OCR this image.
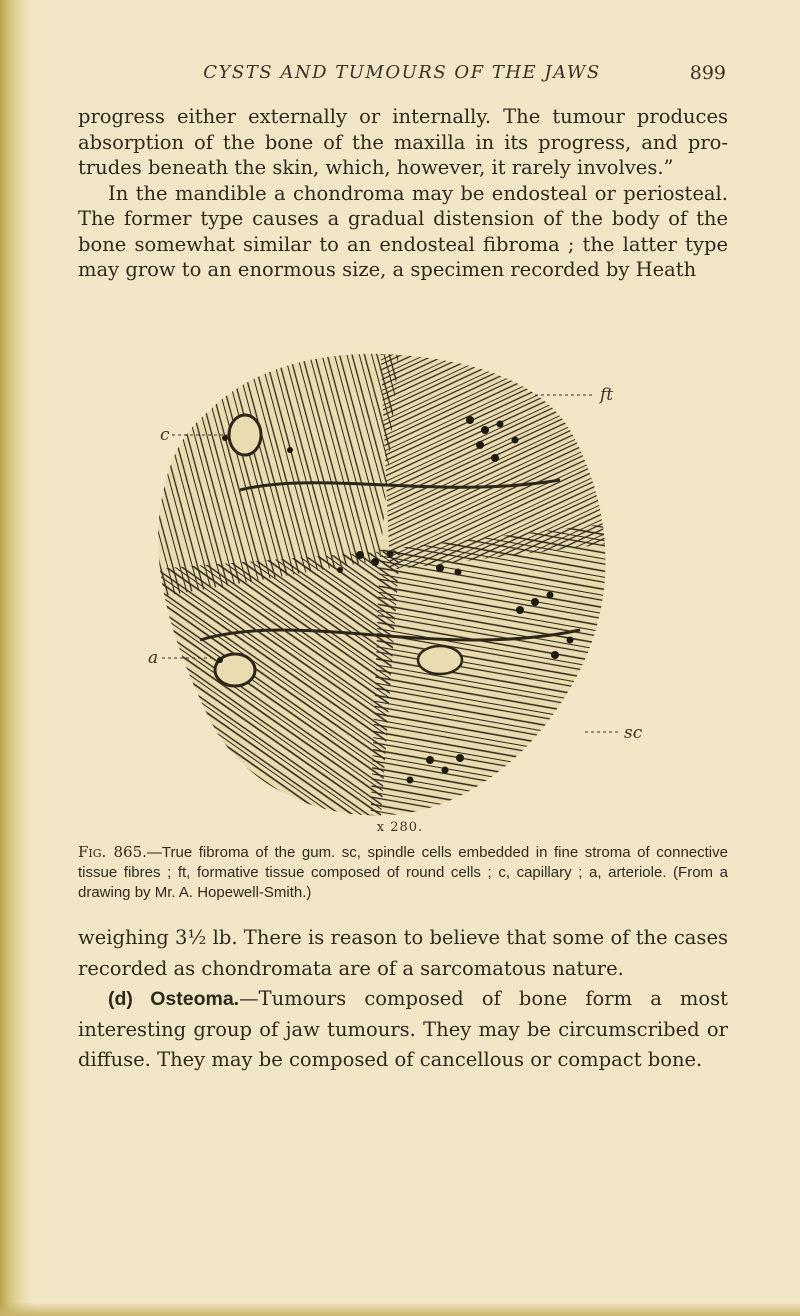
CYSTS AND TUMOURS OF THE JAWS	899

progress either externally or internally. The tumour produces absorption of the bone of the maxilla in its progress, and protrudes beneath the skin, which, however, it rarely involves.”

In the mandible a chondroma may be endosteal or periosteal. The former type causes a gradual distension of the body of the bone somewhat similar to an endosteal fibroma ; the latter type may grow to an enormous size, a specimen recorded by Heath

c
ft
a
sc
x 280.
Fig. 865.—True fibroma of the gum. sc, spindle cells embedded in fine stroma of connective tissue fibres ; ft, formative tissue composed of round cells ; c, capillary ; a, arteriole. (From a drawing by Mr. A. Hopewell-Smith.)

weighing 3½ lb. There is reason to believe that some of the cases recorded as chondromata are of a sarcomatous nature.

(d) Osteoma.—Tumours composed of bone form a most interesting group of jaw tumours. They may be circumscribed or diffuse. They may be composed of cancellous or compact bone.
